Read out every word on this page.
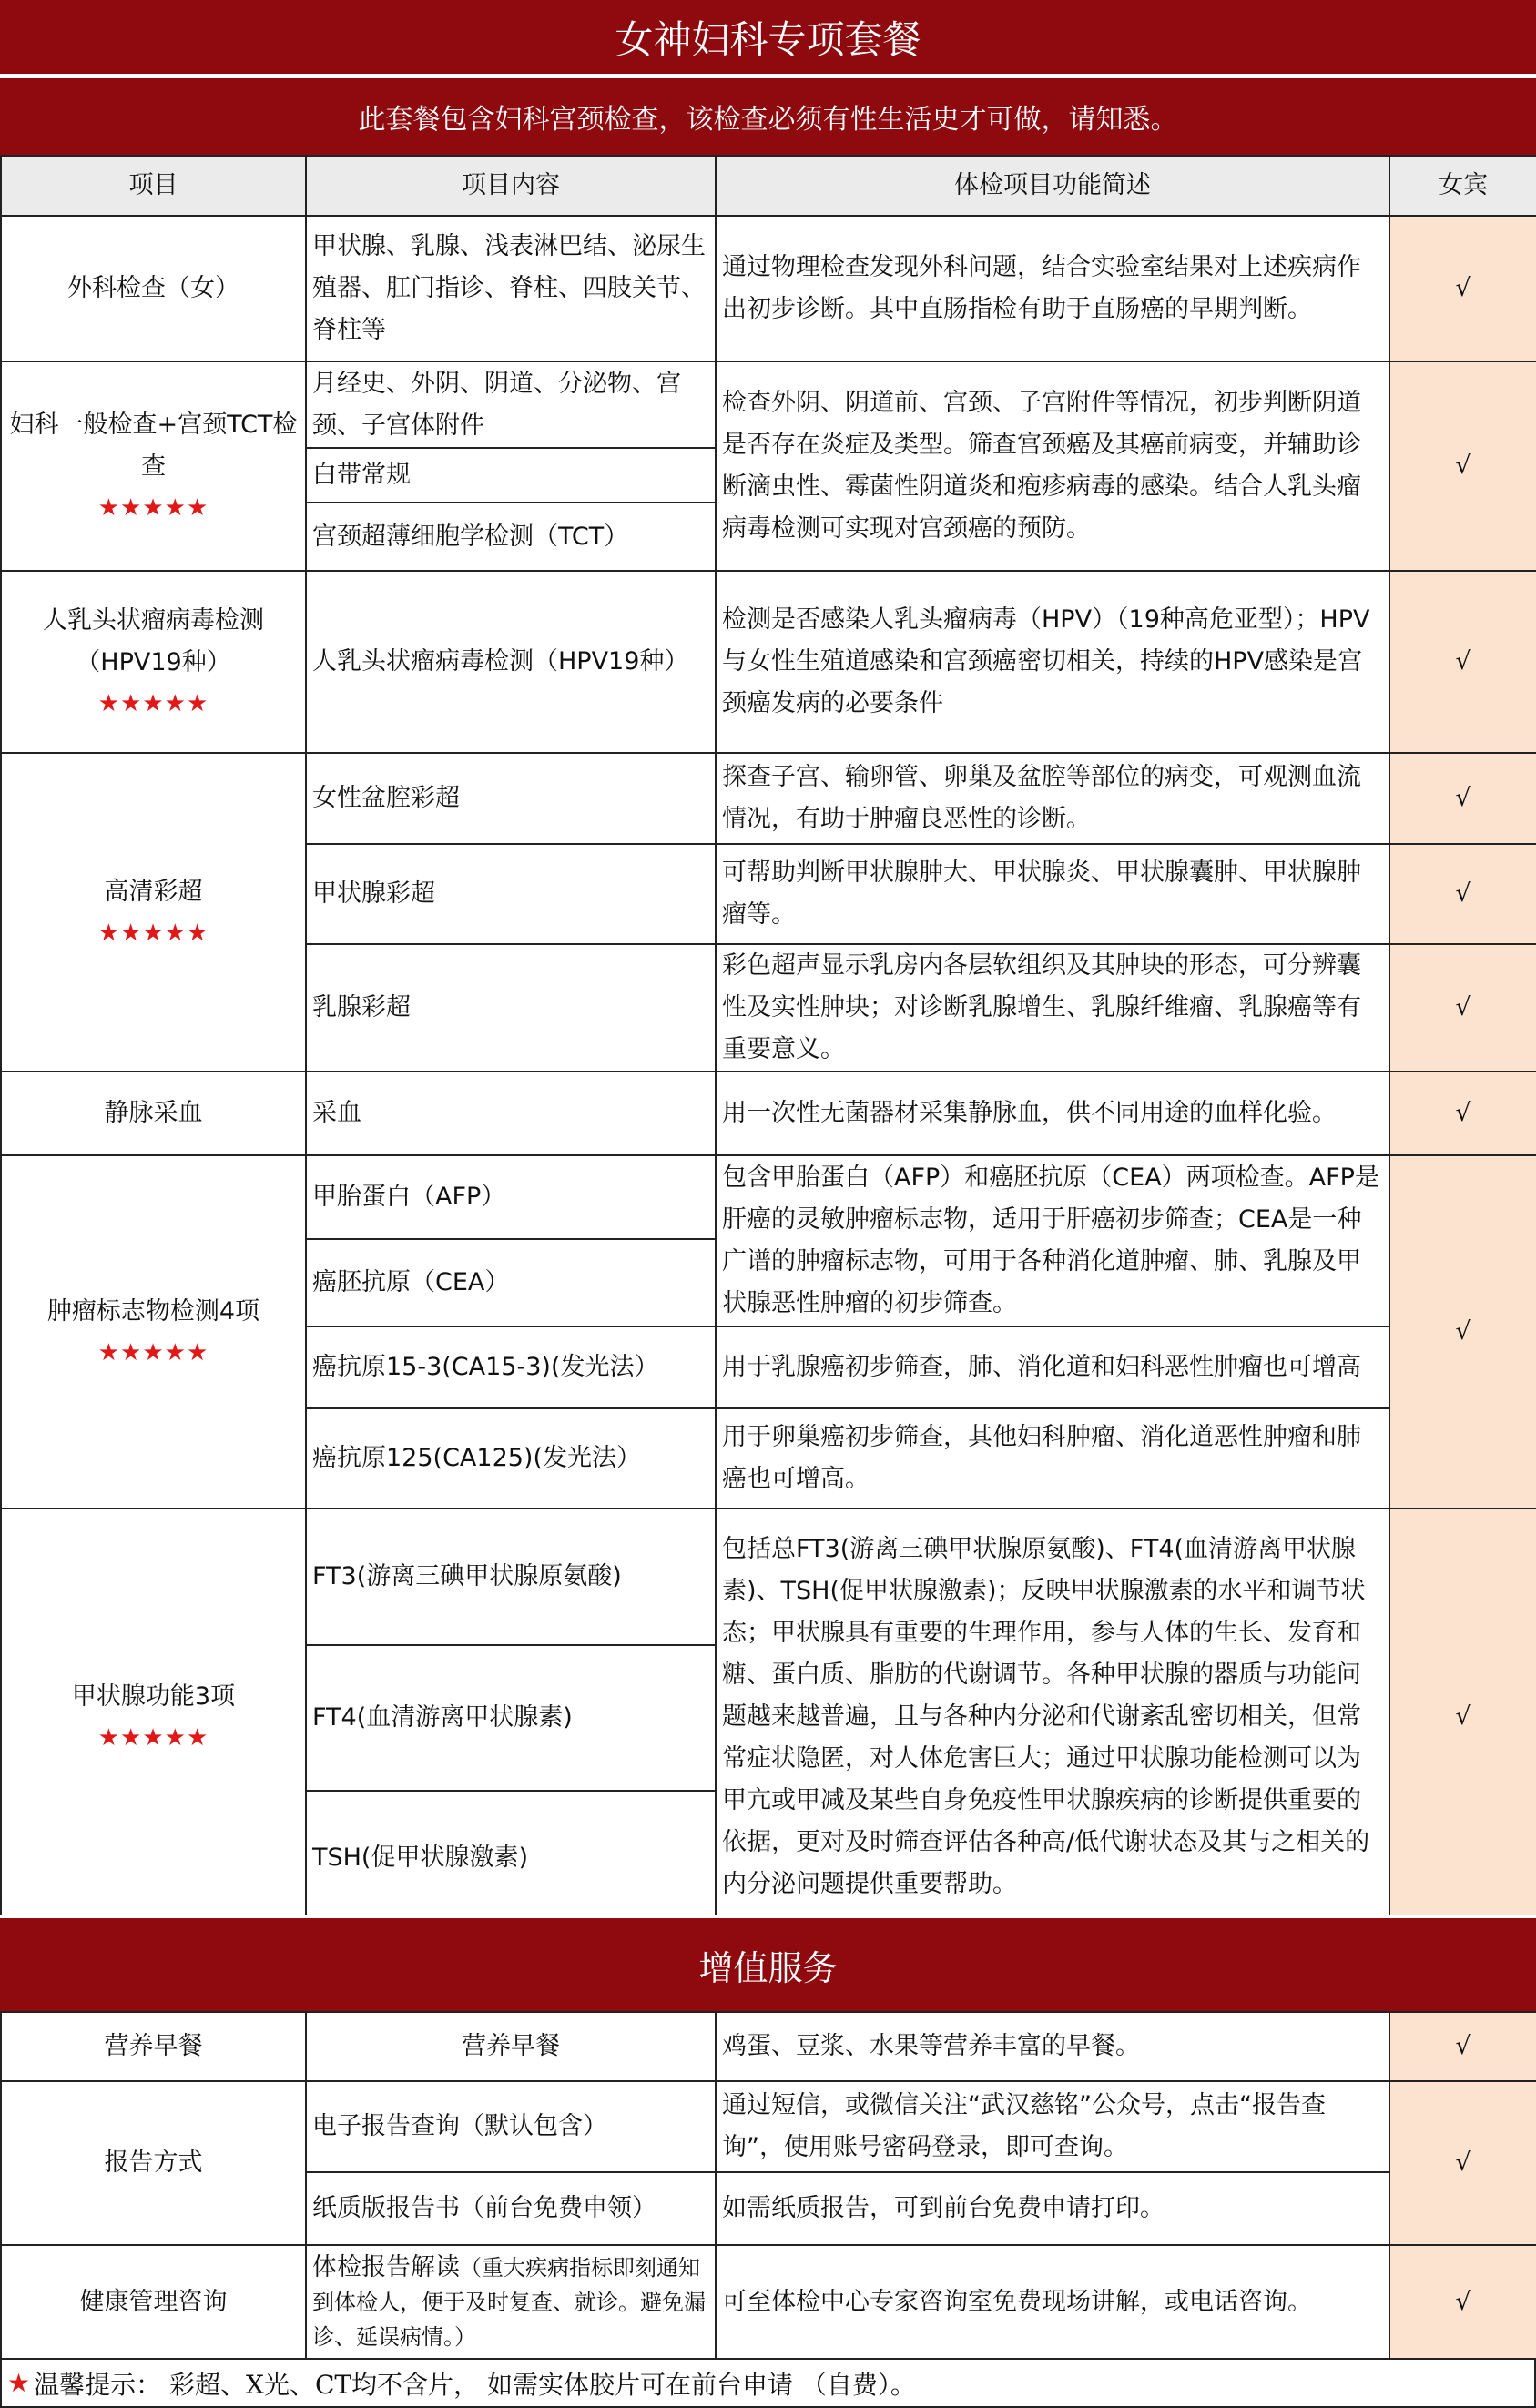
女神妇科专项套餐
此套餐包含妇科宫颈检查，该检查必须有性生活史才可做，请知悉。
项目	项目内容	体检项目功能简述	女宾
外科检查（女）	甲状腺、乳腺、浅表淋巴结、泌尿生殖器、肛门指诊、脊柱、四肢关节、脊柱等	通过物理检查发现外科问题，结合实验室结果对上述疾病作出初步诊断。其中直肠指检有助于直肠癌的早期判断。	√
妇科一般检查+宫颈TCT检查
★★★★★	月经史、外阴、阴道、分泌物、宫颈、子宫体附件	检查外阴、阴道前、宫颈、子宫附件等情况，初步判断阴道是否存在炎症及类型。筛查宫颈癌及其癌前病变，并辅助诊断滴虫性、霉菌性阴道炎和疱疹病毒的感染。结合人乳头瘤病毒检测可实现对宫颈癌的预防。	√
	白带常规		
	宫颈超薄细胞学检测（TCT）		
人乳头状瘤病毒检测（HPV19种）
★★★★★	人乳头状瘤病毒检测（HPV19种）	检测是否感染人乳头瘤病毒（HPV）（19种高危亚型）；HPV与女性生殖道感染和宫颈癌密切相关，持续的HPV感染是宫颈癌发病的必要条件	√
高清彩超
★★★★★	女性盆腔彩超	探查子宫、输卵管、卵巢及盆腔等部位的病变，可观测血流情况，有助于肿瘤良恶性的诊断。	√
	甲状腺彩超	可帮助判断甲状腺肿大、甲状腺炎、甲状腺囊肿、甲状腺肿瘤等。	√
	乳腺彩超	彩色超声显示乳房内各层软组织及其肿块的形态，可分辨囊性及实性肿块；对诊断乳腺增生、乳腺纤维瘤、乳腺癌等有重要意义。	√
静脉采血	采血	用一次性无菌器材采集静脉血，供不同用途的血样化验。	√
肿瘤标志物检测4项
★★★★★	甲胎蛋白（AFP）	包含甲胎蛋白（AFP）和癌胚抗原（CEA）两项检查。AFP是肝癌的灵敏肿瘤标志物，适用于肝癌初步筛查；CEA是一种广谱的肿瘤标志物，可用于各种消化道肿瘤、肺、乳腺及甲状腺恶性肿瘤的初步筛查。	√
	癌胚抗原（CEA）		
	癌抗原15-3(CA15-3)(发光法）	用于乳腺癌初步筛查，肺、消化道和妇科恶性肿瘤也可增高	
	癌抗原125(CA125)(发光法）	用于卵巢癌初步筛查，其他妇科肿瘤、消化道恶性肿瘤和肺癌也可增高。	
甲状腺功能3项
★★★★★	FT3(游离三碘甲状腺原氨酸)	包括总FT3(游离三碘甲状腺原氨酸)、FT4(血清游离甲状腺素)、TSH(促甲状腺激素)；反映甲状腺激素的水平和调节状态；甲状腺具有重要的生理作用，参与人体的生长、发育和糖、蛋白质、脂肪的代谢调节。各种甲状腺的器质与功能问题越来越普遍，且与各种内分泌和代谢紊乱密切相关，但常常症状隐匿，对人体危害巨大；通过甲状腺功能检测可以为甲亢或甲减及某些自身免疫性甲状腺疾病的诊断提供重要的依据，更对及时筛查评估各种高/低代谢状态及其与之相关的内分泌问题提供重要帮助。	√
	FT4(血清游离甲状腺素)		
	TSH(促甲状腺激素)		
增值服务
营养早餐	营养早餐	鸡蛋、豆浆、水果等营养丰富的早餐。	√
报告方式	电子报告查询（默认包含）	通过短信，或微信关注“武汉慈铭”公众号，点击“报告查询”，使用账号密码登录，即可查询。	√
	纸质版报告书（前台免费申领）	如需纸质报告，可到前台免费申请打印。	
健康管理咨询	体检报告解读（重大疾病指标即刻通知到体检人，便于及时复查、就诊。避免漏诊、延误病情。）	可至体检中心专家咨询室免费现场讲解，或电话咨询。	√
★ 温馨提示： 彩超、X光、CT均不含片， 如需实体胶片可在前台申请 （自费）。
